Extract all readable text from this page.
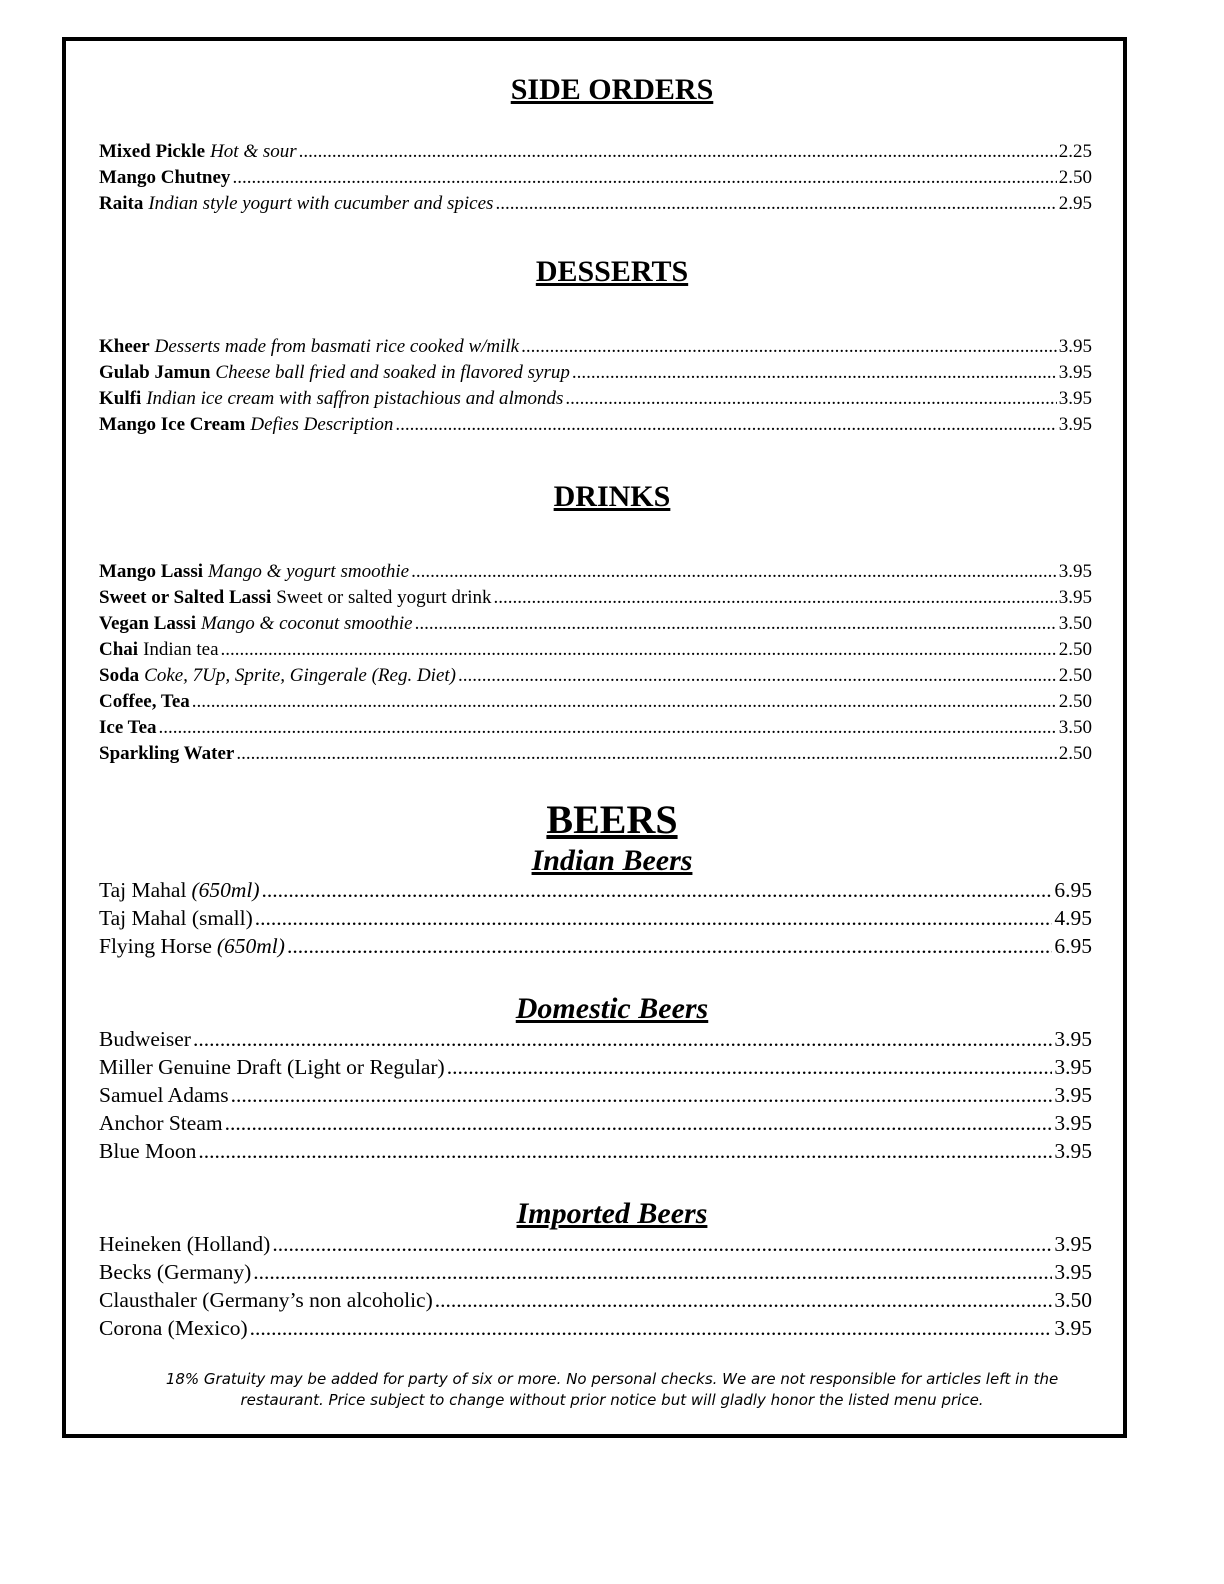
SIDE ORDERS
Mixed Pickle Hot & sour .....	2.25
Mango Chutney .....	2.50
Raita Indian style yogurt with cucumber and spices .....	2.95
DESSERTS
Kheer Desserts made from basmati rice cooked w/milk .....	3.95
Gulab Jamun Cheese ball fried and soaked in flavored syrup .....	3.95
Kulfi Indian ice cream with saffron pistachious and almonds .....	3.95
Mango Ice Cream Defies Description .....	3.95
DRINKS
Mango Lassi Mango & yogurt smoothie .....	3.95
Sweet or Salted Lassi Sweet or salted yogurt drink .....	3.95
Vegan Lassi Mango & coconut smoothie .....	3.50
Chai Indian tea .....	2.50
Soda Coke, 7Up, Sprite, Gingerale (Reg. Diet) .....	2.50
Coffee, Tea .....	2.50
Ice Tea .....	3.50
Sparkling Water .....	2.50
BEERS
Indian Beers
Taj Mahal (650ml) .....	6.95
Taj Mahal (small) .....	4.95
Flying Horse (650ml) .....	6.95
Domestic Beers
Budweiser .....	3.95
Miller Genuine Draft (Light or Regular) .....	3.95
Samuel Adams .....	3.95
Anchor Steam .....	3.95
Blue Moon .....	3.95
Imported Beers
Heineken (Holland) .....	3.95
Becks (Germany) .....	3.95
Clausthaler (Germany’s non alcoholic) .....	3.50
Corona (Mexico) .....	3.95
18% Gratuity may be added for party of six or more. No personal checks. We are not responsible for articles left in the
restaurant. Price subject to change without prior notice but will gladly honor the listed menu price.
